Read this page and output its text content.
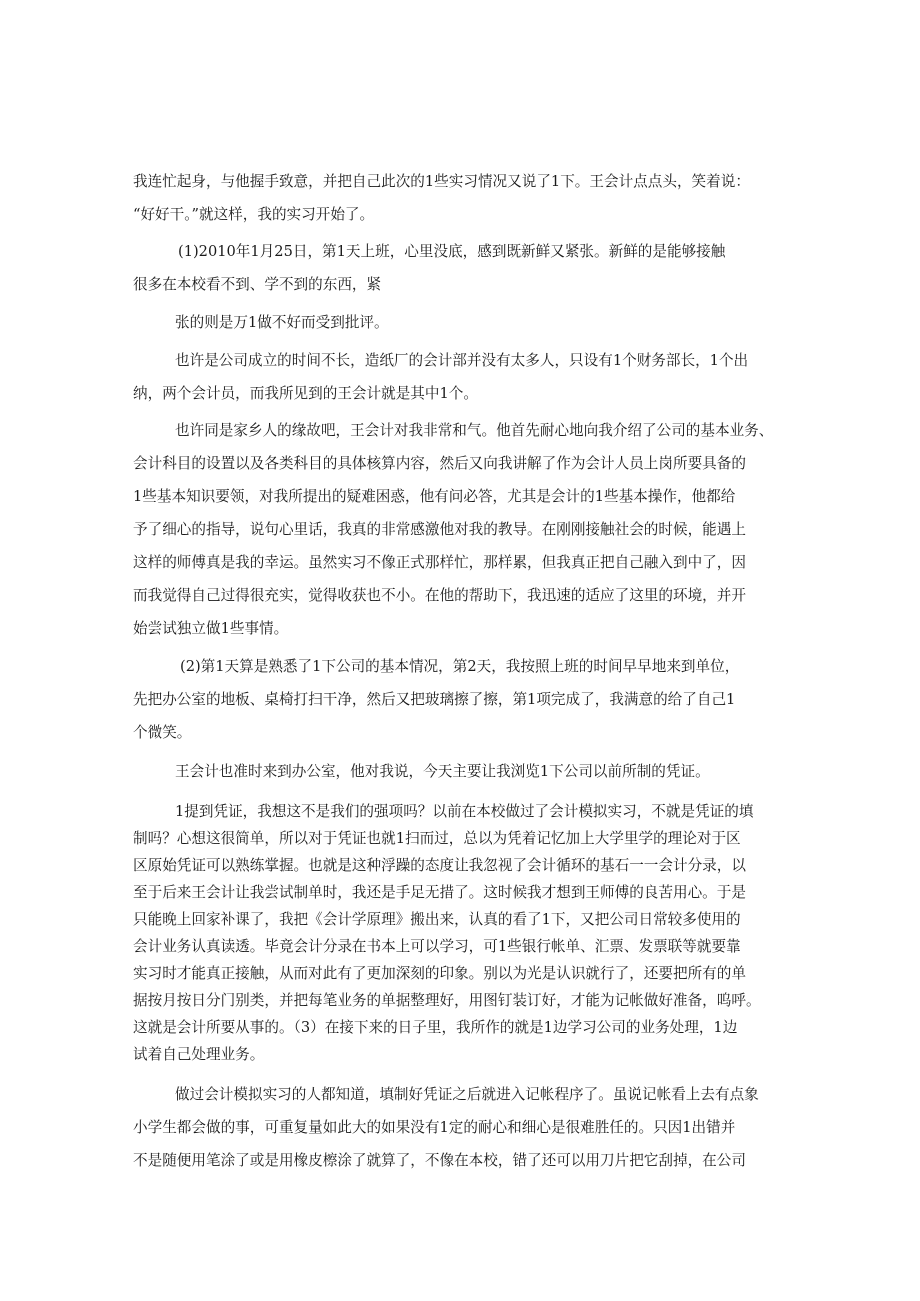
我连忙起身，与他握手致意，并把自己此次的1些实习情况又说了1下。王会计点点头，笑着说：
“好好干。”就这样，我的实习开始了。
(1)2010年1月25日，第1天上班，心里没底，感到既新鲜又紧张。新鲜的是能够接触
很多在本校看不到、学不到的东西，紧
张的则是万1做不好而受到批评。
也许是公司成立的时间不长，造纸厂的会计部并没有太多人，只设有1个财务部长，1个出
纳，两个会计员，而我所见到的王会计就是其中1个。
也许同是家乡人的缘故吧，王会计对我非常和气。他首先耐心地向我介绍了公司的基本业务、
会计科目的设置以及各类科目的具体核算内容，然后又向我讲解了作为会计人员上岗所要具备的
1些基本知识要领，对我所提出的疑难困惑，他有问必答，尤其是会计的1些基本操作，他都给
予了细心的指导，说句心里话，我真的非常感激他对我的教导。在刚刚接触社会的时候，能遇上
这样的师傅真是我的幸运。虽然实习不像正式那样忙，那样累，但我真正把自己融入到中了，因
而我觉得自己过得很充实，觉得收获也不小。在他的帮助下，我迅速的适应了这里的环境，并开
始尝试独立做1些事情。
(2)第1天算是熟悉了1下公司的基本情况，第2天，我按照上班的时间早早地来到单位，
先把办公室的地板、桌椅打扫干净，然后又把玻璃擦了擦，第1项完成了，我满意的给了自己1
个微笑。
王会计也准时来到办公室，他对我说，今天主要让我浏览1下公司以前所制的凭证。
1提到凭证，我想这不是我们的强项吗？以前在本校做过了会计模拟实习，不就是凭证的填
制吗？心想这很简单，所以对于凭证也就1扫而过，总以为凭着记忆加上大学里学的理论对于区
区原始凭证可以熟练掌握。也就是这种浮躁的态度让我忽视了会计循环的基石一一会计分录，以
至于后来王会计让我尝试制单时，我还是手足无措了。这时候我才想到王师傅的良苦用心。于是
只能晚上回家补课了，我把《会计学原理》搬出来，认真的看了1下，又把公司日常较多使用的
会计业务认真读透。毕竟会计分录在书本上可以学习，可1些银行帐单、汇票、发票联等就要靠
实习时才能真正接触，从而对此有了更加深刻的印象。别以为光是认识就行了，还要把所有的单
据按月按日分门别类，并把每笔业务的单据整理好，用图钉装订好，才能为记帐做好准备，呜呼。
这就是会计所要从事的。（3）在接下来的日子里，我所作的就是1边学习公司的业务处理，1边
试着自己处理业务。
做过会计模拟实习的人都知道，填制好凭证之后就进入记帐程序了。虽说记帐看上去有点象
小学生都会做的事，可重复量如此大的如果没有1定的耐心和细心是很难胜任的。只因1出错并
不是随便用笔涂了或是用橡皮檫涂了就算了，不像在本校，错了还可以用刀片把它刮掉，在公司
